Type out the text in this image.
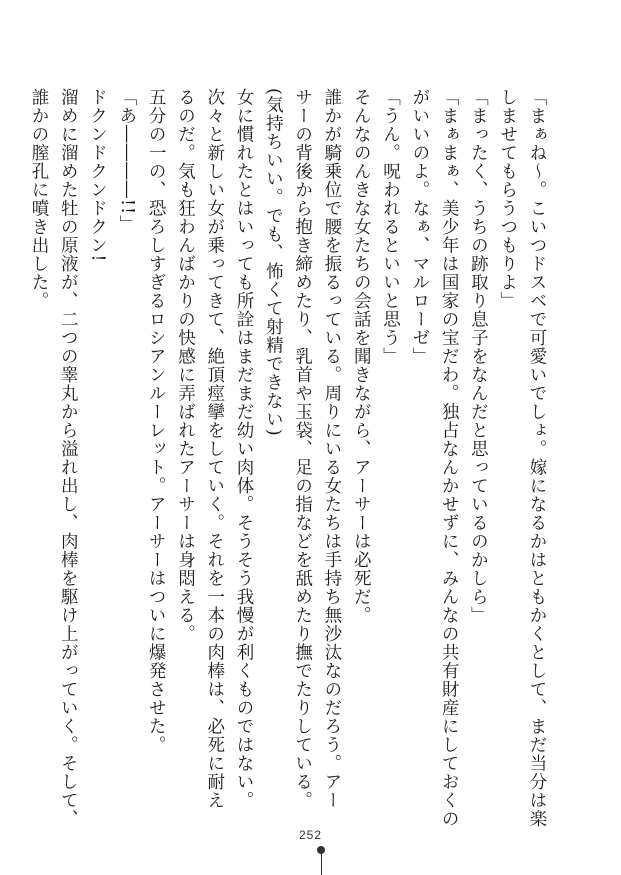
「まぁね〜。こいつドスベで可愛いでしょ。嫁になるかはともかくとして、まだ当分は楽
しませてもらうつもりよ」
「まったく、うちの跡取り息子をなんだと思っているのかしら」
「まぁまぁ、美少年は国家の宝だわ。独占なんかせずに、みんなの共有財産にしておくの
がいいのよ。なぁ、マルローゼ」
「うん。呪われるといいと思う」
そんなのんきな女たちの会話を聞きながら、アーサーは必死だ。
誰かが騎乗位で腰を振るっている。周りにいる女たちは手持ち無沙汰なのだろう。アー
サーの背後から抱き締めたり、乳首や玉袋、足の指などを舐めたり撫でたりしている。
(気持ちいい。でも、怖くて射精できない)
女に慣れたとはいっても所詮はまだまだ幼い肉体。そうそう我慢が利くものではない。
次々と新しい女が乗ってきて、絶頂痙攣をしていく。それを一本の肉棒は、必死に耐え
るのだ。気も狂わんばかりの快感に弄ばれたアーサーは身悶える。
五分の一の、恐ろしすぎるロシアンルーレット。アーサーはついに爆発させた。
「あ――――!!」
ドクンドクンドクン!
溜めに溜めた牡の原液が、二つの睾丸から溢れ出し、肉棒を駆け上がっていく。そして、
誰かの膣孔に噴き出した。
252
